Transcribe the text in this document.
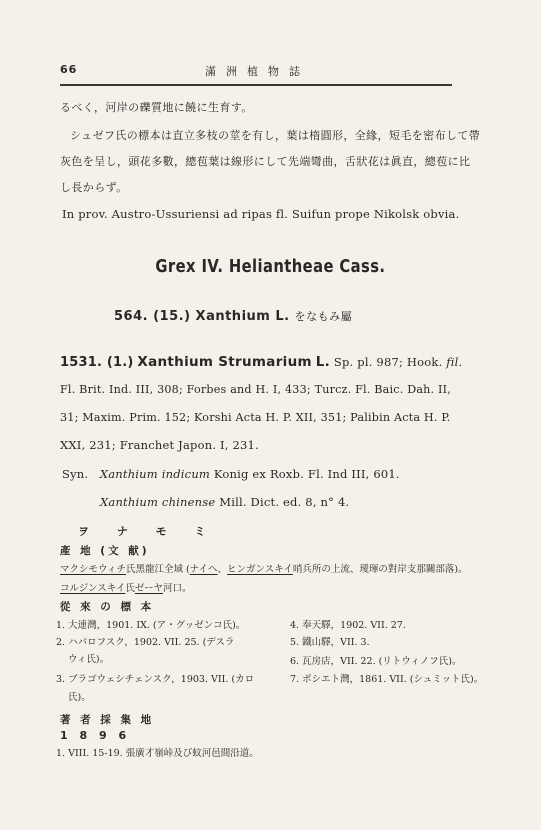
66	滿洲植物誌
るべく，河岸の礫質地に饒に生育す。
シュゼフ氏の標本は直立多枝の莖を有し，葉は楕圓形，全緣，短毛を密布して帶
灰色を呈し，頭花多數，總苞葉は線形にして先端彎曲，舌狀花は眞直，總苞に比
し長からず。
In prov. Austro-Ussuriensi ad ripas fl. Suifun prope Nikolsk obvia.
Grex IV. Heliantheae Cass.
564. (15.) Xanthium L. をなもみ屬
1531. (1.) Xanthium Strumarium L. Sp. pl. 987; Hook. fil.
Fl. Brit. Ind. III, 308; Forbes and H. I, 433; Turcz. Fl. Baic. Dah. II,
31; Maxim. Prim. 152; Korshi Acta H. P. XII, 351; Palibin Acta H. P.
XXI, 231; Franchet Japon. I, 231.
Syn. Xanthium indicum Konig ex Roxb. Fl. Ind III, 601.
Xanthium chinense Mill. Dict. ed. 8, n° 4.
ヲ ナ モ ミ
產 地 (文 献)
マクシモウィチ氏黑龍江全域 (ナイヘ、ヒンガンスキイ哨兵所の上流、璦琿の對岸支那關部落)。
コルジンスキイ氏ゼーヤ河口。
從 來 の 標 本
1. 大連灣，1901. IX. (ア・グッゼンコ氏)。
2. ハバロフスク，1902. VII. 25. (デスラ
ウィ氏)。
3. ブラゴウェシチェンスク，1903. VII. (カロ
氏)。
4. 奉天驛，1902. VII. 27.
5. 鐵山驛，VII. 3.
6. 瓦房店，VII. 22. (リトウィノフ氏)。
7. ポシエト灣，1861. VII. (シュミット氏)。
著 者 採 集 地
1 8 9 6
1. VIII. 15-19. 張廣才嶺峠及び蚊河邑間沿道。
